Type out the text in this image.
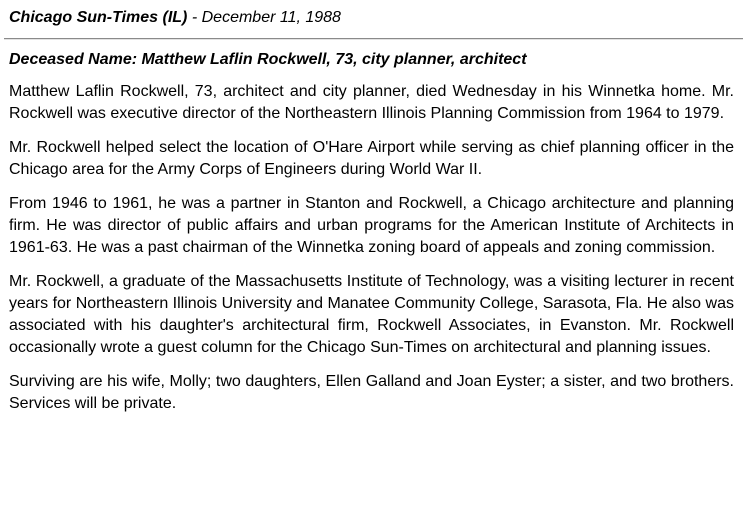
Chicago Sun-Times (IL) - December 11, 1988
Deceased Name: Matthew Laflin Rockwell, 73, city planner, architect

Matthew Laflin Rockwell, 73, architect and city planner, died Wednesday in his Winnetka home. Mr. Rockwell was executive director of the Northeastern Illinois Planning Commission from 1964 to 1979.

Mr. Rockwell helped select the location of O'Hare Airport while serving as chief planning officer in the Chicago area for the Army Corps of Engineers during World War II.

From 1946 to 1961, he was a partner in Stanton and Rockwell, a Chicago architecture and planning firm. He was director of public affairs and urban programs for the American Institute of Architects in 1961-63. He was a past chairman of the Winnetka zoning board of appeals and zoning commission.

Mr. Rockwell, a graduate of the Massachusetts Institute of Technology, was a visiting lecturer in recent years for Northeastern Illinois University and Manatee Community College, Sarasota, Fla. He also was associated with his daughter's architectural firm, Rockwell Associates, in Evanston. Mr. Rockwell occasionally wrote a guest column for the Chicago Sun-Times on architectural and planning issues.

Surviving are his wife, Molly; two daughters, Ellen Galland and Joan Eyster; a sister, and two brothers. Services will be private.
